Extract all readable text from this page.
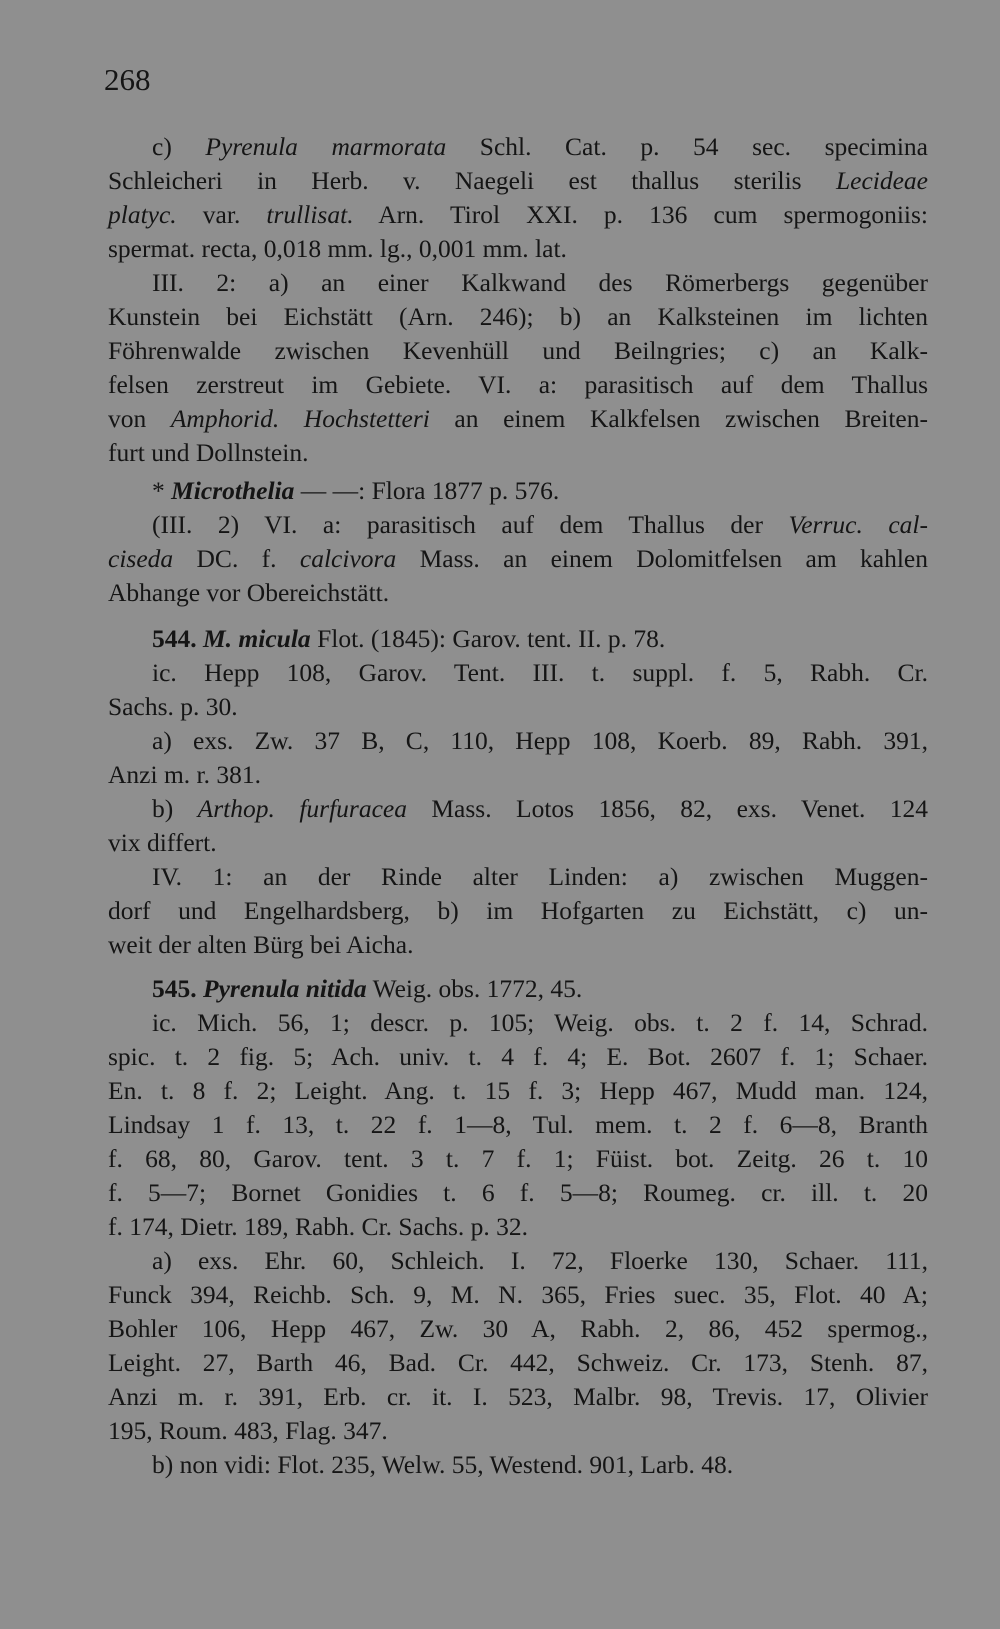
268
c) Pyrenula marmorata Schl. Cat. p. 54 sec. specimina
Schleicheri in Herb. v. Naegeli est thallus sterilis Lecideae
platyc. var. trullisat. Arn. Tirol XXI. p. 136 cum spermogoniis:
spermat. recta, 0,018 mm. lg., 0,001 mm. lat.
III. 2: a) an einer Kalkwand des Römerbergs gegenüber
Kunstein bei Eichstätt (Arn. 246); b) an Kalksteinen im lichten
Föhrenwalde zwischen Kevenhüll und Beilngries; c) an Kalk-
felsen zerstreut im Gebiete. VI. a: parasitisch auf dem Thallus
von Amphorid. Hochstetteri an einem Kalkfelsen zwischen Breiten-
furt und Dollnstein.
* Microthelia — —: Flora 1877 p. 576.
(III. 2) VI. a: parasitisch auf dem Thallus der Verruc. cal-
ciseda DC. f. calcivora Mass. an einem Dolomitfelsen am kahlen
Abhange vor Obereichstätt.
544. M. micula Flot. (1845): Garov. tent. II. p. 78.
ic. Hepp 108, Garov. Tent. III. t. suppl. f. 5, Rabh. Cr.
Sachs. p. 30.
a) exs. Zw. 37 B, C, 110, Hepp 108, Koerb. 89, Rabh. 391,
Anzi m. r. 381.
b) Arthop. furfuracea Mass. Lotos 1856, 82, exs. Venet. 124
vix differt.
IV. 1: an der Rinde alter Linden: a) zwischen Muggen-
dorf und Engelhardsberg, b) im Hofgarten zu Eichstätt, c) un-
weit der alten Bürg bei Aicha.
545. Pyrenula nitida Weig. obs. 1772, 45.
ic. Mich. 56, 1; descr. p. 105; Weig. obs. t. 2 f. 14, Schrad.
spic. t. 2 fig. 5; Ach. univ. t. 4 f. 4; E. Bot. 2607 f. 1; Schaer.
En. t. 8 f. 2; Leight. Ang. t. 15 f. 3; Hepp 467, Mudd man. 124,
Lindsay 1 f. 13, t. 22 f. 1—8, Tul. mem. t. 2 f. 6—8, Branth
f. 68, 80, Garov. tent. 3 t. 7 f. 1; Füist. bot. Zeitg. 26 t. 10
f. 5—7; Bornet Gonidies t. 6 f. 5—8; Roumeg. cr. ill. t. 20
f. 174, Dietr. 189, Rabh. Cr. Sachs. p. 32.
a) exs. Ehr. 60, Schleich. I. 72, Floerke 130, Schaer. 111,
Funck 394, Reichb. Sch. 9, M. N. 365, Fries suec. 35, Flot. 40 A;
Bohler 106, Hepp 467, Zw. 30 A, Rabh. 2, 86, 452 spermog.,
Leight. 27, Barth 46, Bad. Cr. 442, Schweiz. Cr. 173, Stenh. 87,
Anzi m. r. 391, Erb. cr. it. I. 523, Malbr. 98, Trevis. 17, Olivier
195, Roum. 483, Flag. 347.
b) non vidi: Flot. 235, Welw. 55, Westend. 901, Larb. 48.
